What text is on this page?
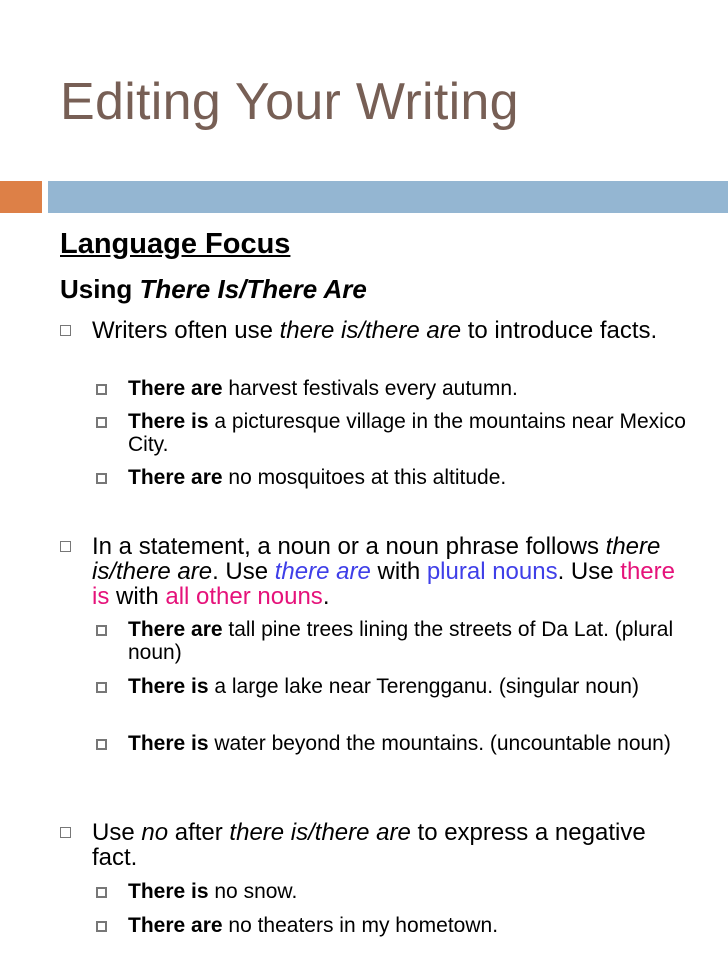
Editing Your Writing
Language Focus
Using There Is/There Are
Writers often use there is/there are to introduce facts.
There are harvest festivals every autumn.
There is a picturesque village in the mountains near Mexico City.
There are no mosquitoes at this altitude.
In a statement, a noun or a noun phrase follows there is/there are. Use there are with plural nouns. Use there is with all other nouns.
There are tall pine trees lining the streets of Da Lat. (plural noun)
There is a large lake near Terengganu. (singular noun)
There is water beyond the mountains. (uncountable noun)
Use no after there is/there are to express a negative fact.
There is no snow.
There are no theaters in my hometown.
